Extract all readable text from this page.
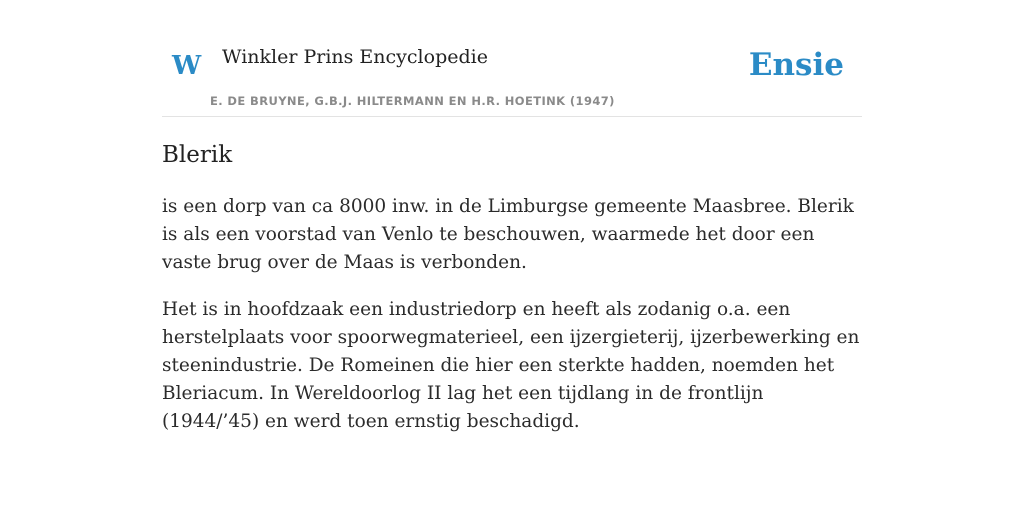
W Winkler Prins Encyclopedie
E. DE BRUYNE, G.B.J. HILTERMANN EN H.R. HOETINK (1947)
Ensie
Blerik

is een dorp van ca 8000 inw. in de Limburgse gemeente Maasbree. Blerik is als een voorstad van Venlo te beschouwen, waarmede het door een vaste brug over de Maas is verbonden.

Het is in hoofdzaak een industriedorp en heeft als zodanig o.a. een herstelplaats voor spoorwegmaterieel, een ijzergieterij, ijzerbewerking en steenindustrie. De Romeinen die hier een sterkte hadden, noemden het Bleriacum. In Wereldoorlog II lag het een tijdlang in de frontlijn (1944/’45) en werd toen ernstig beschadigd.
